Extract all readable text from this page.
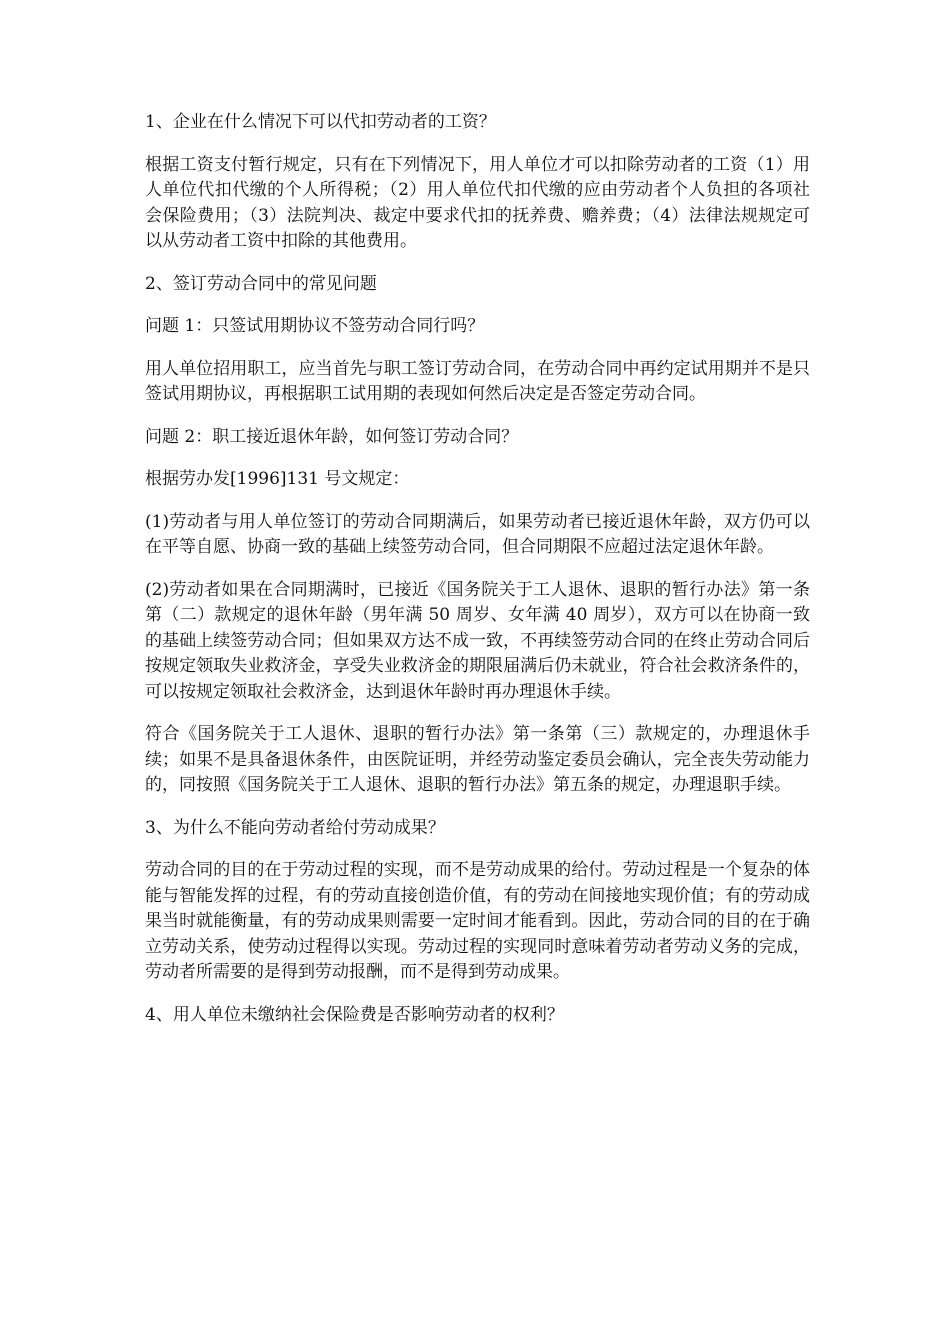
1、企业在什么情况下可以代扣劳动者的工资？

根据工资支付暂行规定，只有在下列情况下，用人单位才可以扣除劳动者的工资（1）用人单位代扣代缴的个人所得税；（2）用人单位代扣代缴的应由劳动者个人负担的各项社会保险费用；（3）法院判决、裁定中要求代扣的抚养费、赡养费；（4）法律法规规定可以从劳动者工资中扣除的其他费用。

2、签订劳动合同中的常见问题

问题 1：只签试用期协议不签劳动合同行吗？

用人单位招用职工，应当首先与职工签订劳动合同，在劳动合同中再约定试用期并不是只签试用期协议，再根据职工试用期的表现如何然后决定是否签定劳动合同。

问题 2：职工接近退休年龄，如何签订劳动合同？

根据劳办发[1996]131 号文规定：

(1)劳动者与用人单位签订的劳动合同期满后，如果劳动者已接近退休年龄，双方仍可以在平等自愿、协商一致的基础上续签劳动合同，但合同期限不应超过法定退休年龄。

(2)劳动者如果在合同期满时，已接近《国务院关于工人退休、退职的暂行办法》第一条第（二）款规定的退休年龄（男年满 50 周岁、女年满 40 周岁），双方可以在协商一致的基础上续签劳动合同；但如果双方达不成一致，不再续签劳动合同的在终止劳动合同后按规定领取失业救济金，享受失业救济金的期限届满后仍未就业，符合社会救济条件的，可以按规定领取社会救济金，达到退休年龄时再办理退休手续。

符合《国务院关于工人退休、退职的暂行办法》第一条第（三）款规定的，办理退休手续；如果不是具备退休条件，由医院证明，并经劳动鉴定委员会确认，完全丧失劳动能力的，同按照《国务院关于工人退休、退职的暂行办法》第五条的规定，办理退职手续。

3、为什么不能向劳动者给付劳动成果？

劳动合同的目的在于劳动过程的实现，而不是劳动成果的给付。劳动过程是一个复杂的体能与智能发挥的过程，有的劳动直接创造价值，有的劳动在间接地实现价值；有的劳动成果当时就能衡量，有的劳动成果则需要一定时间才能看到。因此，劳动合同的目的在于确立劳动关系，使劳动过程得以实现。劳动过程的实现同时意味着劳动者劳动义务的完成，劳动者所需要的是得到劳动报酬，而不是得到劳动成果。

4、用人单位未缴纳社会保险费是否影响劳动者的权利？
